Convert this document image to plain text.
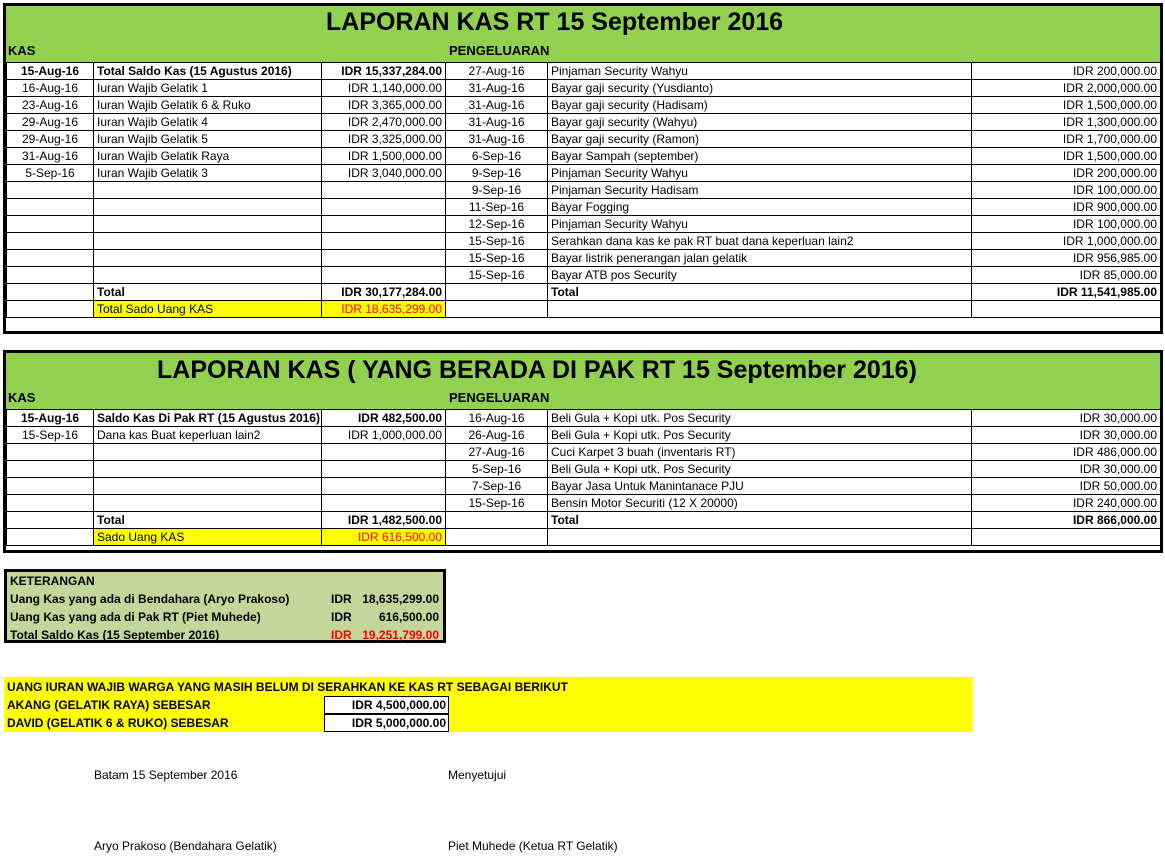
LAPORAN KAS RT 15 September 2016
KAS	PENGELUARAN
15-Aug-16	Total Saldo Kas (15 Agustus 2016)	IDR 15,337,284.00	27-Aug-16	Pinjaman Security Wahyu	IDR 200,000.00
16-Aug-16	Iuran Wajib Gelatik 1	IDR 1,140,000.00	31-Aug-16	Bayar gaji security (Yusdianto)	IDR 2,000,000.00
23-Aug-16	Iuran Wajib Gelatik 6 & Ruko	IDR 3,365,000.00	31-Aug-16	Bayar gaji security (Hadisam)	IDR 1,500,000.00
29-Aug-16	Iuran Wajib Gelatik 4	IDR 2,470,000.00	31-Aug-16	Bayar gaji security (Wahyu)	IDR 1,300,000.00
29-Aug-16	Iuran Wajib Gelatik 5	IDR 3,325,000.00	31-Aug-16	Bayar gaji security (Ramon)	IDR 1,700,000.00
31-Aug-16	Iuran Wajib Gelatik Raya	IDR 1,500,000.00	6-Sep-16	Bayar Sampah (september)	IDR 1,500,000.00
5-Sep-16	Iuran Wajib Gelatik 3	IDR 3,040,000.00	9-Sep-16	Pinjaman Security Wahyu	IDR 200,000.00
			9-Sep-16	Pinjaman Security Hadisam	IDR 100,000.00
			11-Sep-16	Bayar Fogging	IDR 900,000.00
			12-Sep-16	Pinjaman Security Wahyu	IDR 100,000.00
			15-Sep-16	Serahkan dana kas ke pak RT buat dana keperluan lain2	IDR 1,000,000.00
			15-Sep-16	Bayar listrik penerangan jalan gelatik	IDR 956,985.00
			15-Sep-16	Bayar ATB pos Security	IDR 85,000.00
	Total	IDR 30,177,284.00		Total	IDR 11,541,985.00
	Total Sado Uang KAS	IDR 18,635,299.00			
LAPORAN KAS ( YANG BERADA DI PAK RT 15 September 2016)
KAS	PENGELUARAN
15-Aug-16	Saldo Kas Di Pak RT (15 Agustus 2016)	IDR 482,500.00	16-Aug-16	Beli Gula + Kopi utk. Pos Security	IDR 30,000.00
15-Sep-16	Dana kas Buat keperluan lain2	IDR 1,000,000.00	26-Aug-16	Beli Gula + Kopi utk. Pos Security	IDR 30,000.00
			27-Aug-16	Cuci Karpet 3 buah (inventaris RT)	IDR 486,000.00
			5-Sep-16	Beli Gula + Kopi utk. Pos Security	IDR 30,000.00
			7-Sep-16	Bayar Jasa Untuk Manintanace PJU	IDR 50,000.00
			15-Sep-16	Bensin Motor Securiti (12 X 20000)	IDR 240,000.00
	Total	IDR 1,482,500.00		Total	IDR 866,000.00
	Sado Uang KAS	IDR 616,500.00			
KETERANGAN
Uang Kas yang ada di Bendahara (Aryo Prakoso)	IDR 18,635,299.00
Uang Kas yang ada di Pak RT (Piet Muhede)	IDR 616,500.00
Total Saldo Kas (15 September 2016)	IDR 19,251,799.00
UANG IURAN WAJIB WARGA YANG MASIH BELUM DI SERAHKAN KE KAS RT SEBAGAI BERIKUT
AKANG (GELATIK RAYA) SEBESAR	IDR 4,500,000.00
DAVID (GELATIK 6 & RUKO) SEBESAR	IDR 5,000,000.00
Batam 15 September 2016	Menyetujui
Aryo Prakoso (Bendahara Gelatik)	Piet Muhede (Ketua RT Gelatik)
